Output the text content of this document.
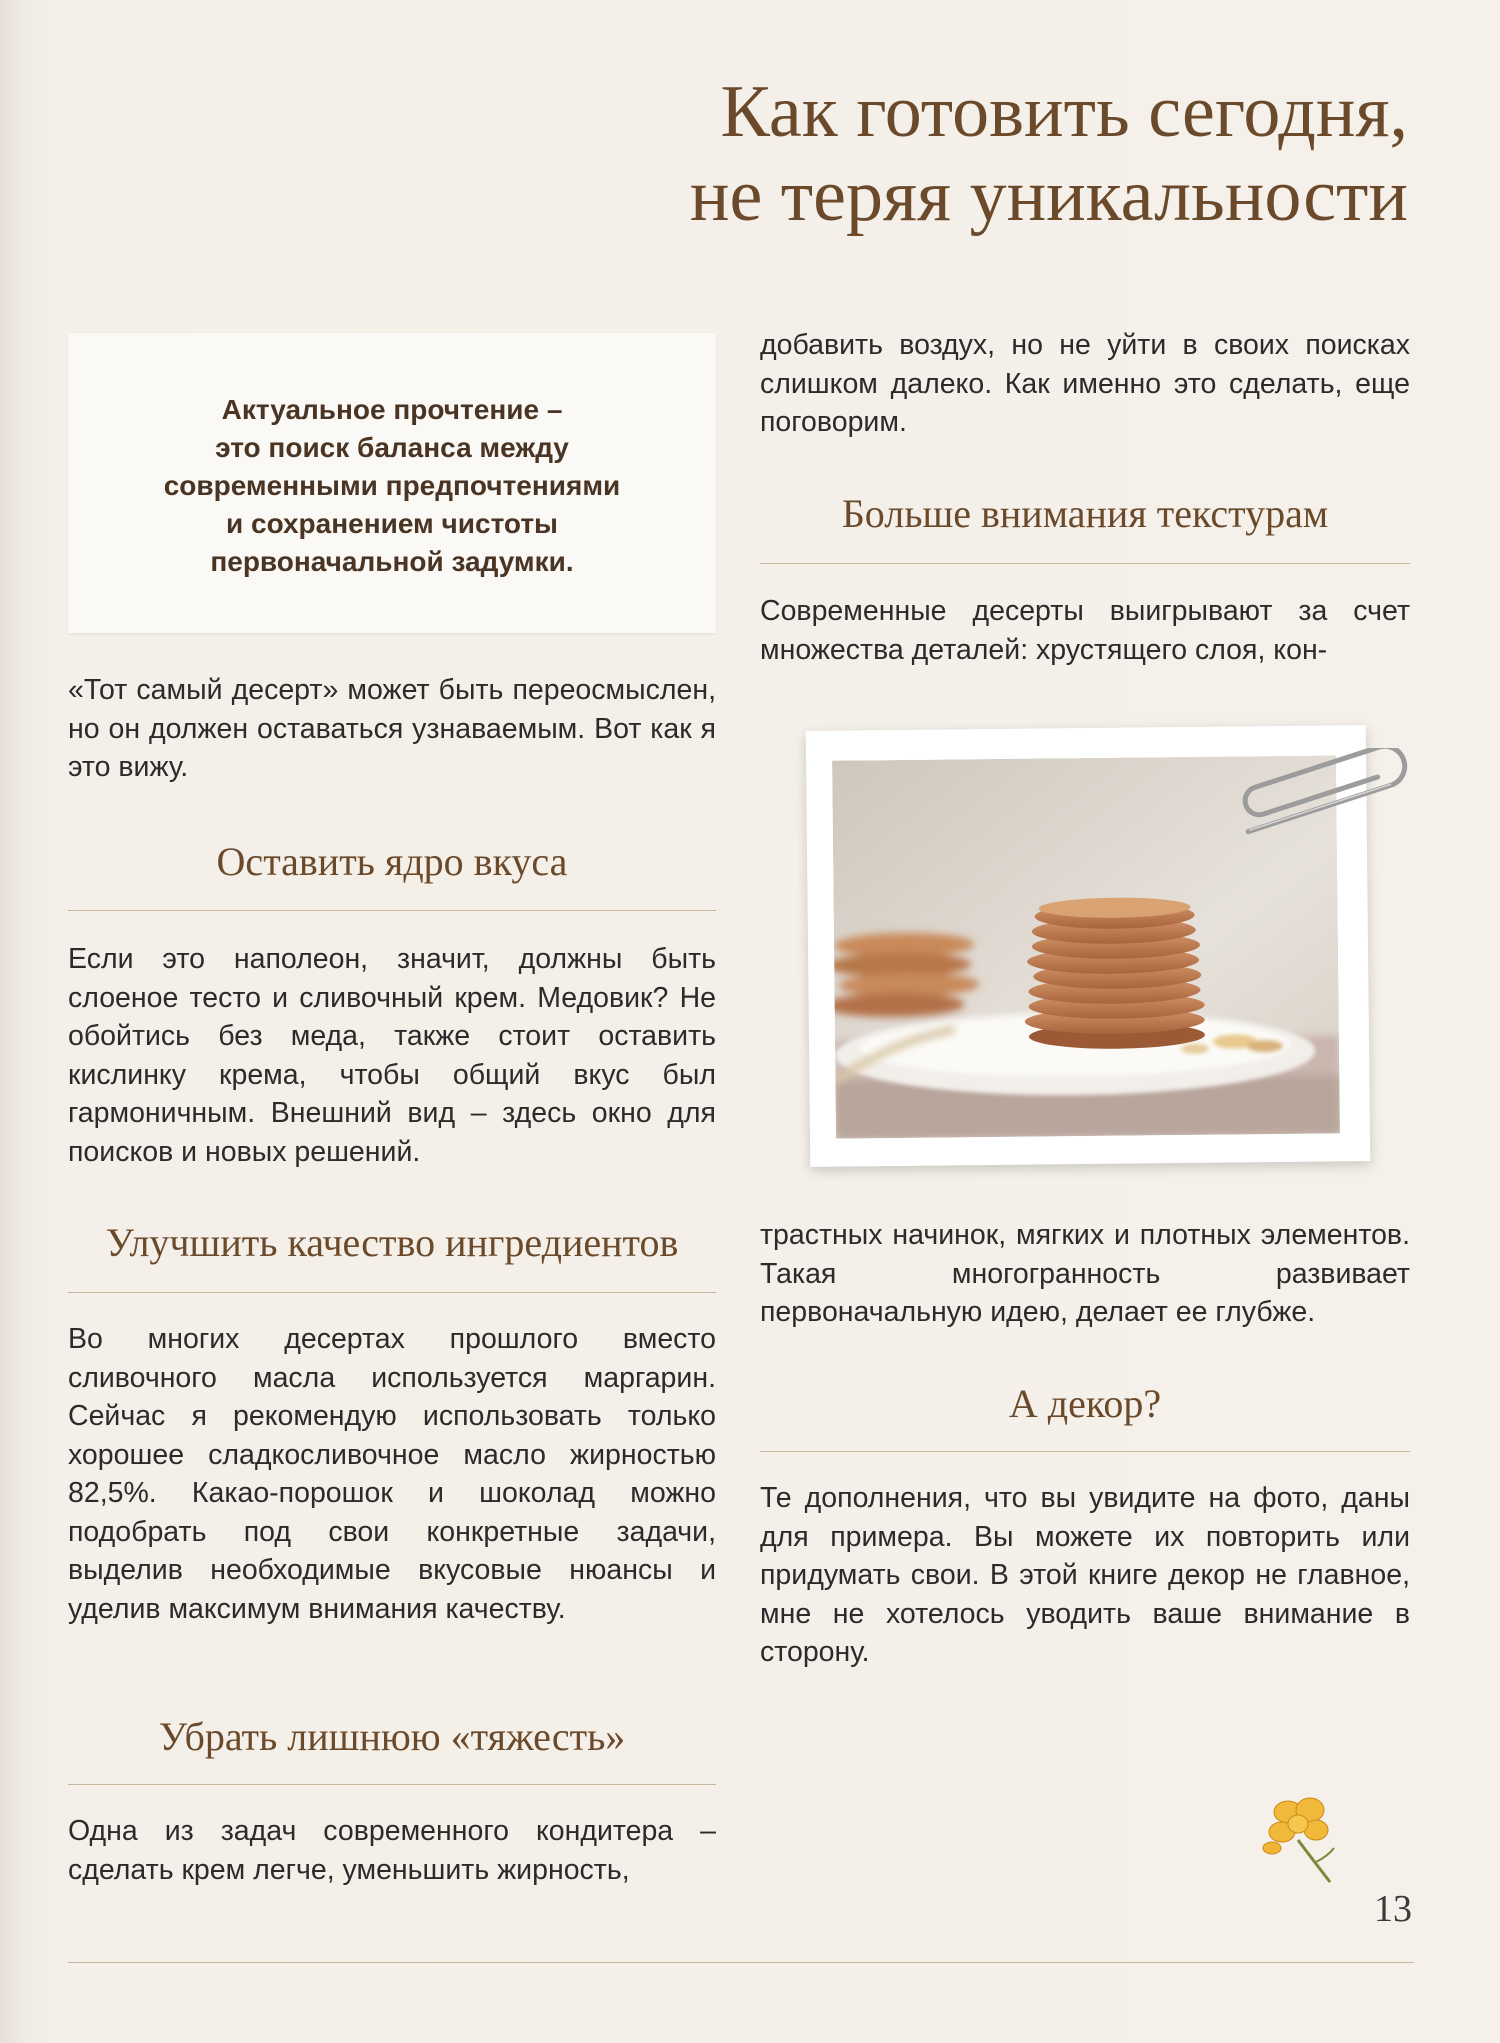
Как готовить сегодня,
не теряя уникальности

Актуальное прочтение –
это поиск баланса между
современными предпочтениями
и сохранением чистоты
первоначальной задумки.

«Тот самый десерт» может быть переосмыслен, но он должен оставаться узнаваемым. Вот как я это вижу.

Оставить ядро вкуса

Если это наполеон, значит, должны быть слоеное тесто и сливочный крем. Медовик? Не обойтись без меда, также стоит оставить кислинку крема, чтобы общий вкус был гармоничным. Внешний вид – здесь окно для поисков и новых решений.

Улучшить качество ингредиентов

Во многих десертах прошлого вместо сливочного масла используется маргарин. Сейчас я рекомендую использовать только хорошее сладкосливочное масло жирностью 82,5%. Какао-порошок и шоколад можно подобрать под свои конкретные задачи, выделив необходимые вкусовые нюансы и уделив максимум внимания качеству.

Убрать лишнюю «тяжесть»

Одна из задач современного кондитера – сделать крем легче, уменьшить жирность,

добавить воздух, но не уйти в своих поисках слишком далеко. Как именно это сделать, еще поговорим.

Больше внимания текстурам

Современные десерты выигрывают за счет множества деталей: хрустящего слоя, кон-

трастных начинок, мягких и плотных элементов. Такая многогранность развивает первоначальную идею, делает ее глубже.

А декор?

Те дополнения, что вы увидите на фото, даны для примера. Вы можете их повторить или придумать свои. В этой книге декор не главное, мне не хотелось уводить ваше внимание в сторону.

13
